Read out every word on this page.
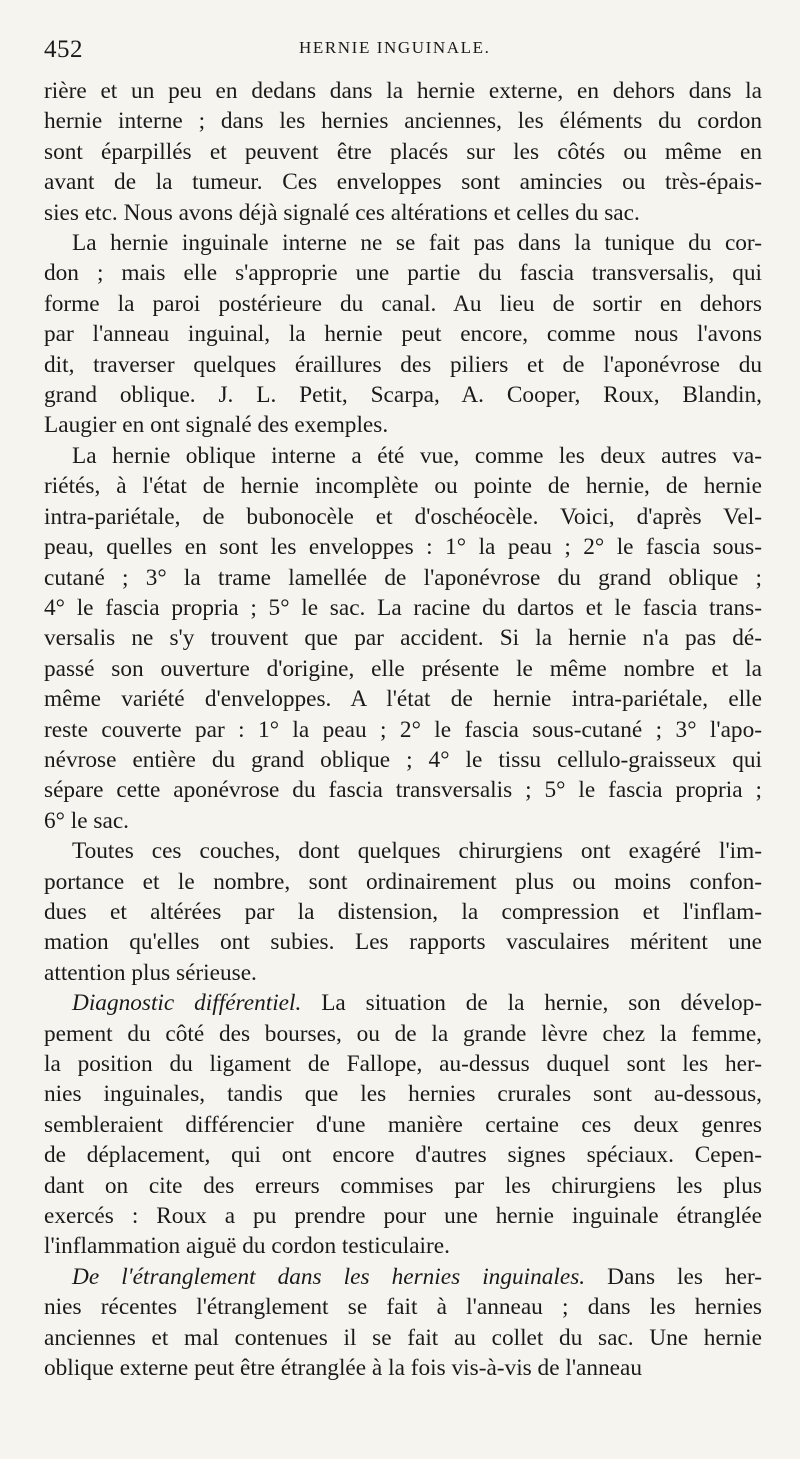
452	HERNIE INGUINALE.
rière et un peu en dedans dans la hernie externe, en dehors dans la
hernie interne ; dans les hernies anciennes, les éléments du cordon
sont éparpillés et peuvent être placés sur les côtés ou même en
avant de la tumeur. Ces enveloppes sont amincies ou très-épais-
sies etc. Nous avons déjà signalé ces altérations et celles du sac.
La hernie inguinale interne ne se fait pas dans la tunique du cor-
don ; mais elle s'approprie une partie du fascia transversalis, qui
forme la paroi postérieure du canal. Au lieu de sortir en dehors
par l'anneau inguinal, la hernie peut encore, comme nous l'avons
dit, traverser quelques éraillures des piliers et de l'aponévrose du
grand oblique. J. L. Petit, Scarpa, A. Cooper, Roux, Blandin,
Laugier en ont signalé des exemples.
La hernie oblique interne a été vue, comme les deux autres va-
riétés, à l'état de hernie incomplète ou pointe de hernie, de hernie
intra-pariétale, de bubonocèle et d'oschéocèle. Voici, d'après Vel-
peau, quelles en sont les enveloppes : 1° la peau ; 2° le fascia sous-
cutané ; 3° la trame lamellée de l'aponévrose du grand oblique ;
4° le fascia propria ; 5° le sac. La racine du dartos et le fascia trans-
versalis ne s'y trouvent que par accident. Si la hernie n'a pas dé-
passé son ouverture d'origine, elle présente le même nombre et la
même variété d'enveloppes. A l'état de hernie intra-pariétale, elle
reste couverte par : 1° la peau ; 2° le fascia sous-cutané ; 3° l'apo-
névrose entière du grand oblique ; 4° le tissu cellulo-graisseux qui
sépare cette aponévrose du fascia transversalis ; 5° le fascia propria ;
6° le sac.
Toutes ces couches, dont quelques chirurgiens ont exagéré l'im-
portance et le nombre, sont ordinairement plus ou moins confon-
dues et altérées par la distension, la compression et l'inflam-
mation qu'elles ont subies. Les rapports vasculaires méritent une
attention plus sérieuse.
Diagnostic différentiel. La situation de la hernie, son dévelop-
pement du côté des bourses, ou de la grande lèvre chez la femme,
la position du ligament de Fallope, au-dessus duquel sont les her-
nies inguinales, tandis que les hernies crurales sont au-dessous,
sembleraient différencier d'une manière certaine ces deux genres
de déplacement, qui ont encore d'autres signes spéciaux. Cepen-
dant on cite des erreurs commises par les chirurgiens les plus
exercés : Roux a pu prendre pour une hernie inguinale étranglée
l'inflammation aiguë du cordon testiculaire.
De l'étranglement dans les hernies inguinales. Dans les her-
nies récentes l'étranglement se fait à l'anneau ; dans les hernies
anciennes et mal contenues il se fait au collet du sac. Une hernie
oblique externe peut être étranglée à la fois vis-à-vis de l'anneau
